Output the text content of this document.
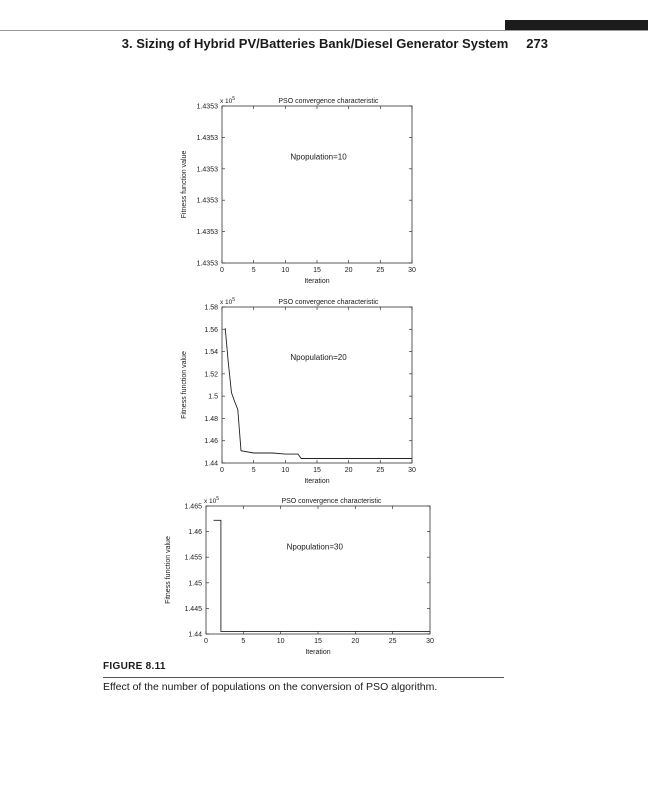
3. Sizing of Hybrid PV/Batteries Bank/Diesel Generator System 273
0	5	10	15	20	25	30
1.4353
1.4353
1.4353
1.4353
1.4353
1.4353
PSO convergence characteristic
x $10^5$
Iteration
Fitness function value	Npopulation=10
0	5	10	15	20	25	30
1.44
1.46
1.48
1.5
1.52
1.54
1.56
1.58
PSO convergence characteristic
x $10^5$
Iteration
Fitness function value	Npopulation=20
0	5	10	15	20	25	30
1.44
1.445
1.45
1.455
1.46
1.465
PSO convergence characteristic
x $10^5$
Iteration
Fitness function value	Npopulation=30
FIGURE 8.11
Effect of the number of populations on the conversion of PSO algorithm.
